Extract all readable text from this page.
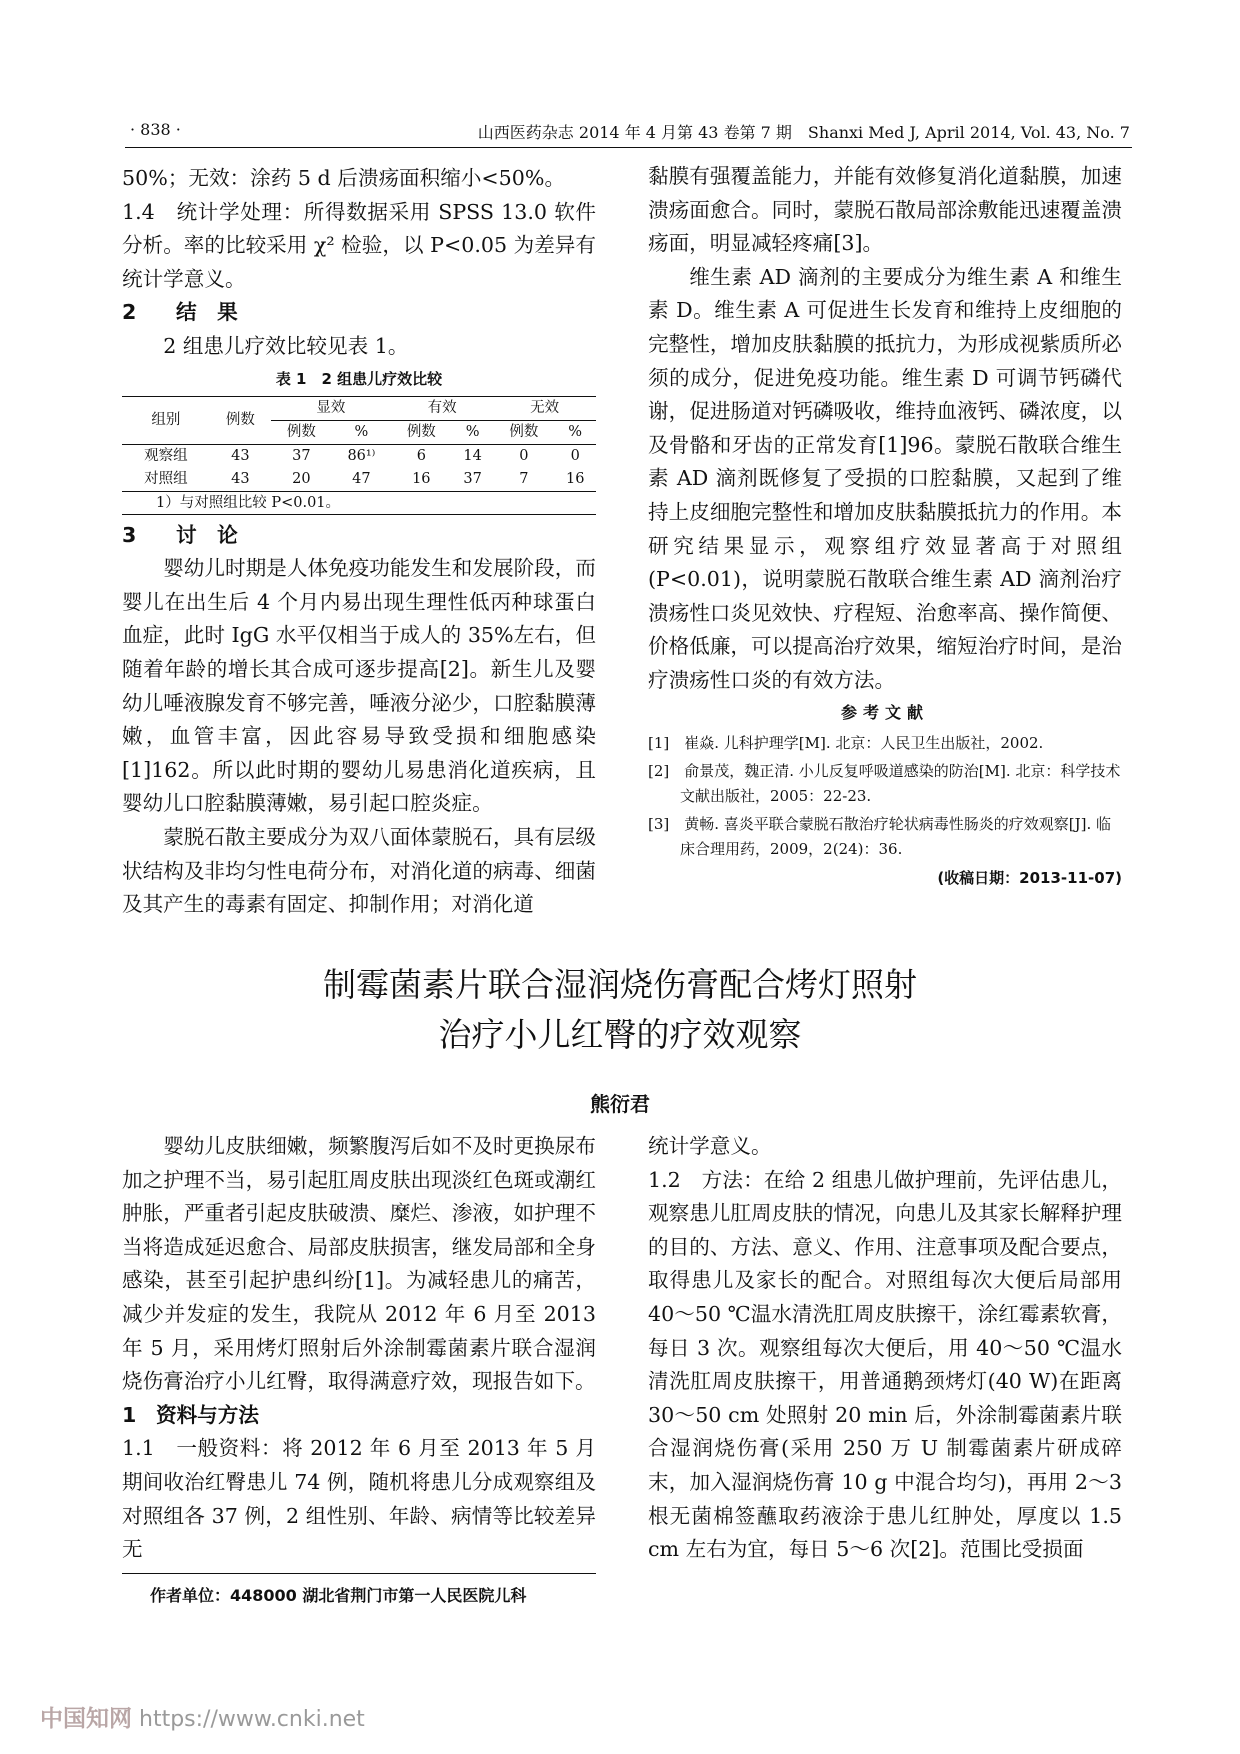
· 838 ·	山西医药杂志 2014 年 4 月第 43 卷第 7 期　Shanxi Med J, April 2014, Vol. 43, No. 7

50%；无效：涂药 5 d 后溃疡面积缩小<50%。

1.4　统计学处理：所得数据采用 SPSS 13.0 软件分析。率的比较采用 χ² 检验，以 P<0.05 为差异有统计学意义。

2 结　果

2 组患儿疗效比较见表 1。

表 1　2 组患儿疗效比较
组别	例数	显效		有效		无效	
		例数	%	例数	%	例数	%
观察组	43	37	86¹⁾	6	14	0	0
对照组	43	20	47	16	37	7	16
1）与对照组比较 P<0.01。

3 讨　论

婴幼儿时期是人体免疫功能发生和发展阶段，而婴儿在出生后 4 个月内易出现生理性低丙种球蛋白血症，此时 IgG 水平仅相当于成人的 35%左右，但随着年龄的增长其合成可逐步提高[2]。新生儿及婴幼儿唾液腺发育不够完善，唾液分泌少，口腔黏膜薄嫩，血管丰富，因此容易导致受损和细胞感染[1]162。所以此时期的婴幼儿易患消化道疾病，且婴幼儿口腔黏膜薄嫩，易引起口腔炎症。

蒙脱石散主要成分为双八面体蒙脱石，具有层级状结构及非均匀性电荷分布，对消化道的病毒、细菌及其产生的毒素有固定、抑制作用；对消化道

黏膜有强覆盖能力，并能有效修复消化道黏膜，加速溃疡面愈合。同时，蒙脱石散局部涂敷能迅速覆盖溃疡面，明显减轻疼痛[3]。

维生素 AD 滴剂的主要成分为维生素 A 和维生素 D。维生素 A 可促进生长发育和维持上皮细胞的完整性，增加皮肤黏膜的抵抗力，为形成视紫质所必须的成分，促进免疫功能。维生素 D 可调节钙磷代谢，促进肠道对钙磷吸收，维持血液钙、磷浓度，以及骨骼和牙齿的正常发育[1]96。蒙脱石散联合维生素 AD 滴剂既修复了受损的口腔黏膜，又起到了维持上皮细胞完整性和增加皮肤黏膜抵抗力的作用。本研究结果显示，观察组疗效显著高于对照组(P<0.01)，说明蒙脱石散联合维生素 AD 滴剂治疗溃疡性口炎见效快、疗程短、治愈率高、操作简便、价格低廉，可以提高治疗效果，缩短治疗时间，是治疗溃疡性口炎的有效方法。

参考文献
[1]　崔焱. 儿科护理学[M]. 北京：人民卫生出版社，2002.
[2]　俞景茂，魏正清. 小儿反复呼吸道感染的防治[M]. 北京：科学技术文献出版社，2005：22-23.
[3]　黄畅. 喜炎平联合蒙脱石散治疗轮状病毒性肠炎的疗效观察[J]. 临床合理用药，2009，2(24)：36.
(收稿日期：2013-11-07)
制霉菌素片联合湿润烧伤膏配合烤灯照射
治疗小儿红臀的疗效观察
熊衍君

婴幼儿皮肤细嫩，频繁腹泻后如不及时更换尿布加之护理不当，易引起肛周皮肤出现淡红色斑或潮红肿胀，严重者引起皮肤破溃、糜烂、渗液，如护理不当将造成延迟愈合、局部皮肤损害，继发局部和全身感染，甚至引起护患纠纷[1]。为减轻患儿的痛苦，减少并发症的发生，我院从 2012 年 6 月至 2013 年 5 月，采用烤灯照射后外涂制霉菌素片联合湿润烧伤膏治疗小儿红臀，取得满意疗效，现报告如下。

1 资料与方法

1.1　一般资料：将 2012 年 6 月至 2013 年 5 月期间收治红臀患儿 74 例，随机将患儿分成观察组及对照组各 37 例，2 组性别、年龄、病情等比较差异无

作者单位：448000 湖北省荆门市第一人民医院儿科

统计学意义。

1.2　方法：在给 2 组患儿做护理前，先评估患儿，观察患儿肛周皮肤的情况，向患儿及其家长解释护理的目的、方法、意义、作用、注意事项及配合要点，取得患儿及家长的配合。对照组每次大便后局部用 40～50 ℃温水清洗肛周皮肤擦干，涂红霉素软膏，每日 3 次。观察组每次大便后，用 40～50 ℃温水清洗肛周皮肤擦干，用普通鹅颈烤灯(40 W)在距离 30～50 cm 处照射 20 min 后，外涂制霉菌素片联合湿润烧伤膏(采用 250 万 U 制霉菌素片研成碎末，加入湿润烧伤膏 10 g 中混合均匀)，再用 2～3 根无菌棉签蘸取药液涂于患儿红肿处，厚度以 1.5 cm 左右为宜，每日 5～6 次[2]。范围比受损面

中国知网 https://www.cnki.net
